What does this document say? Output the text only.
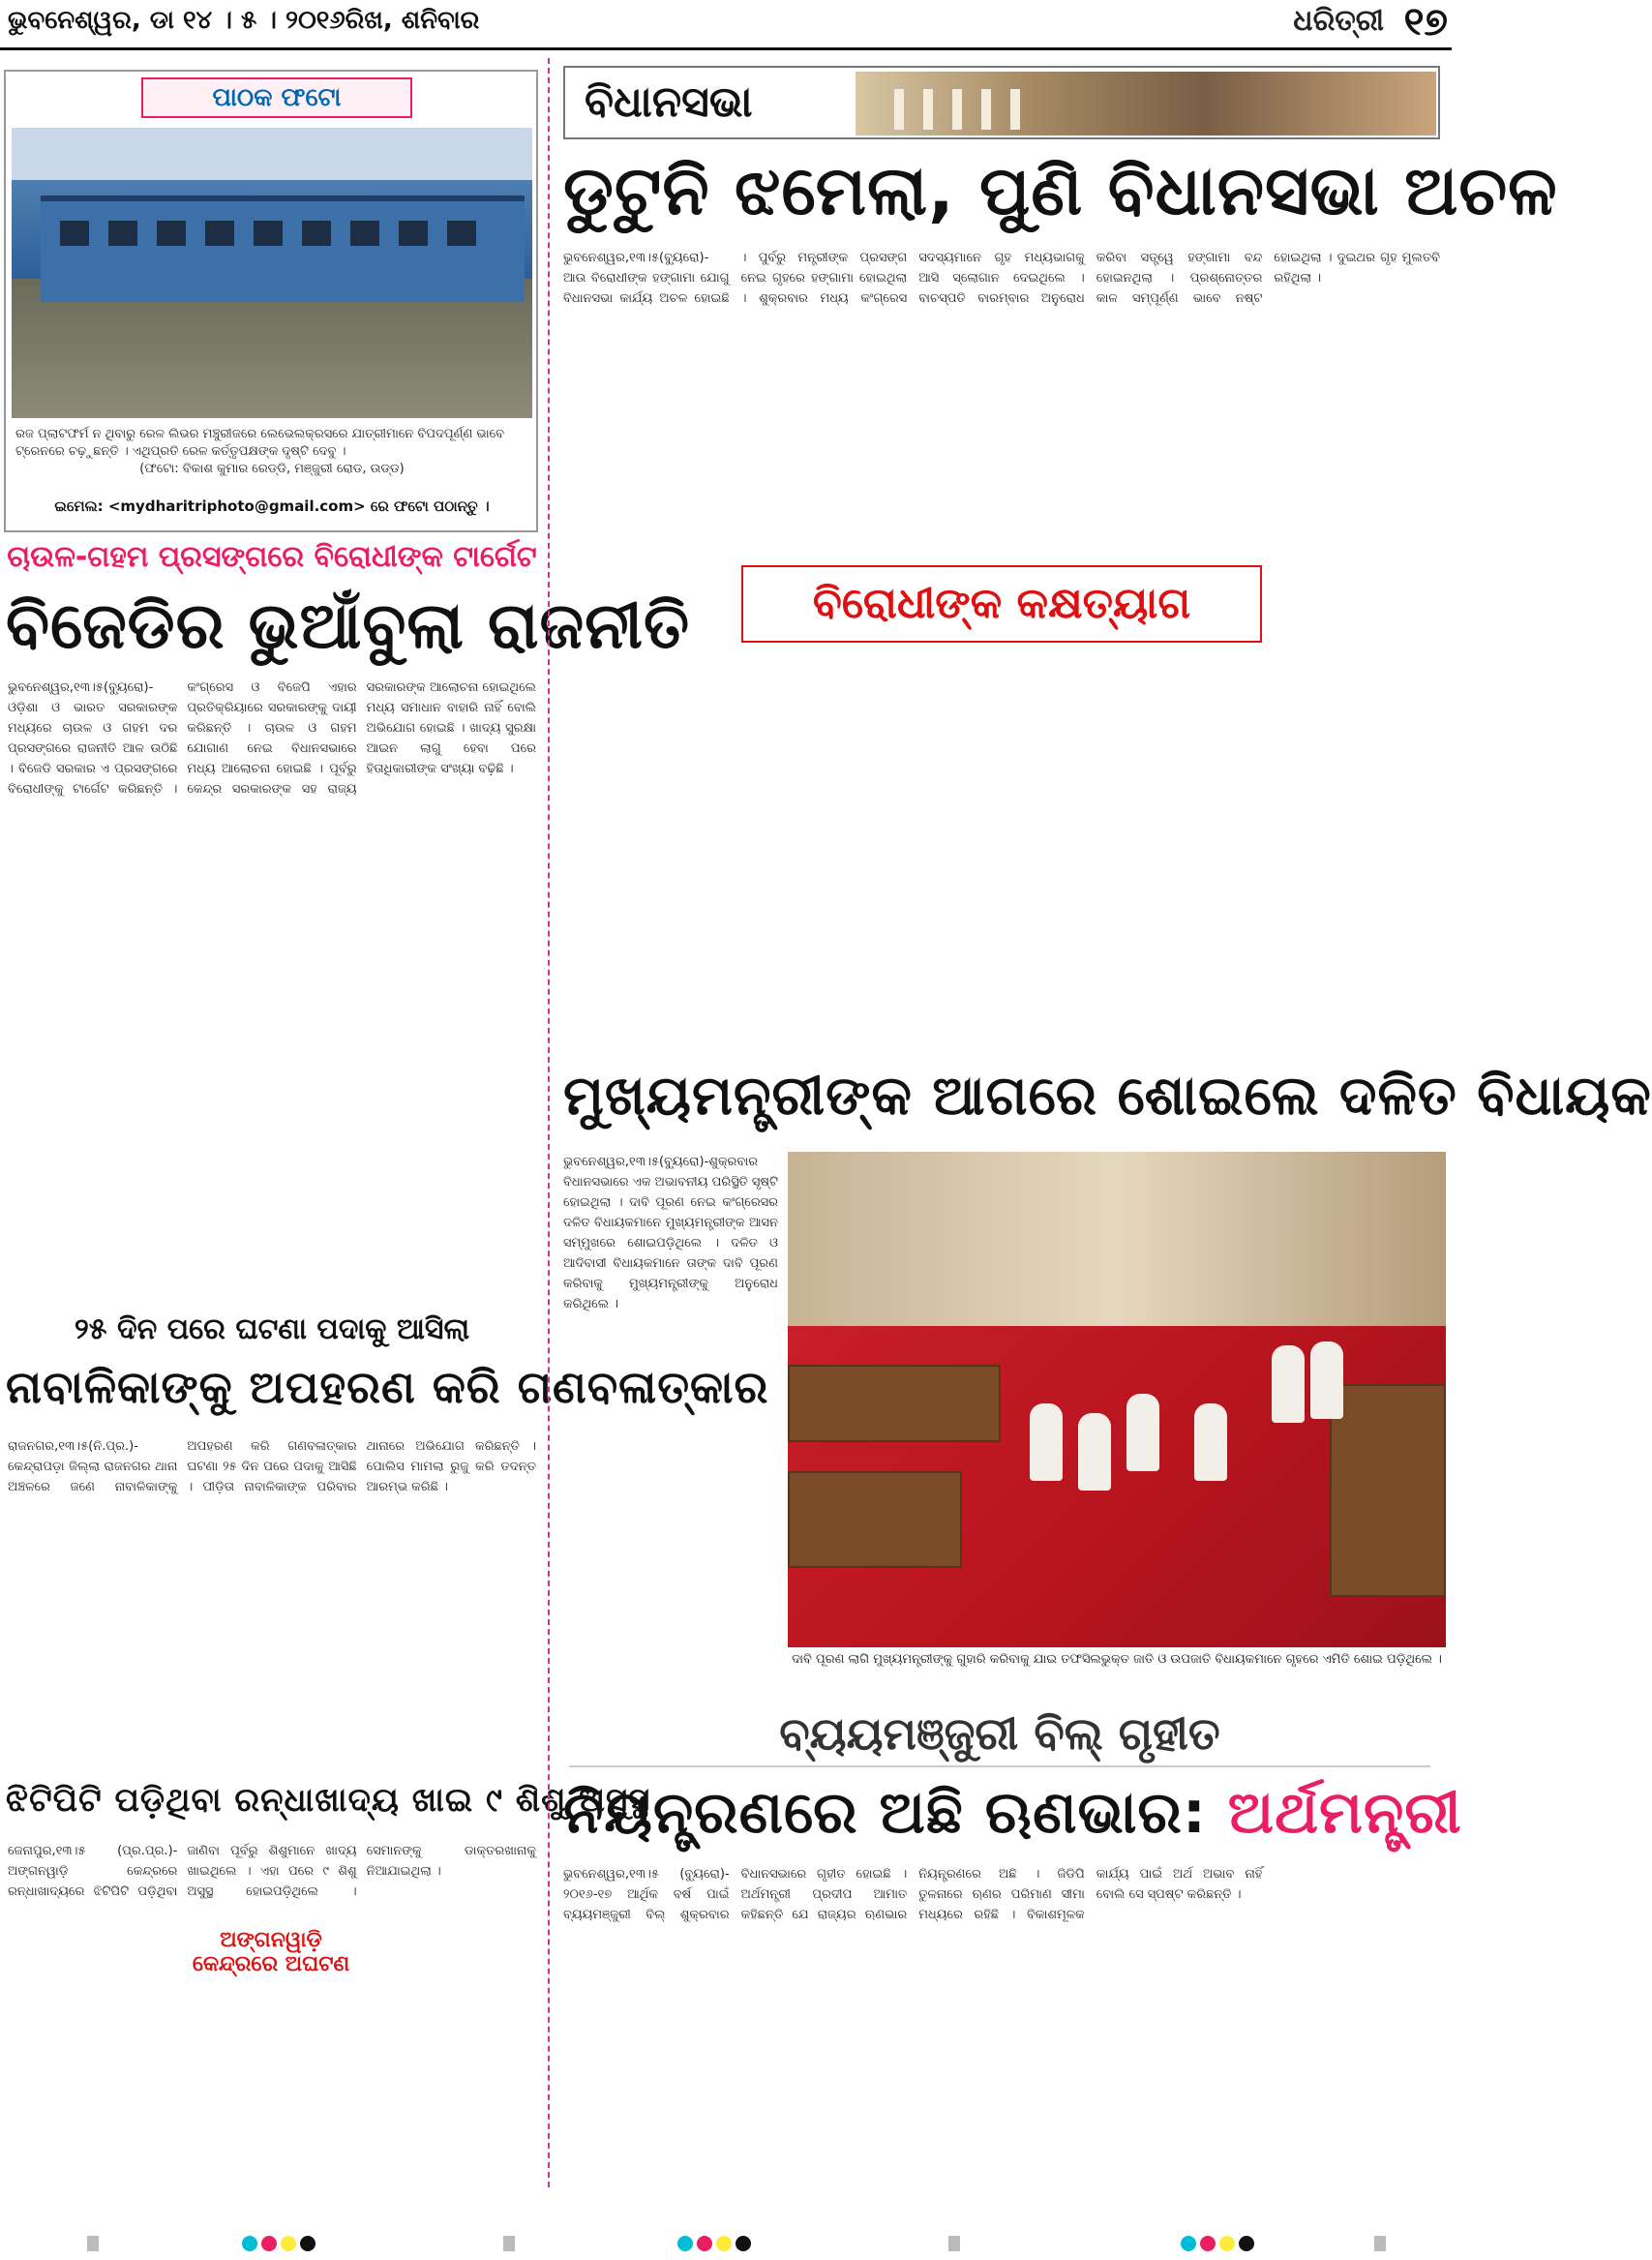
ଭୁବନେଶ୍ୱର, ଡା ୧୪ । ୫ । ୨୦୧୬ରିଖ, ଶନିବାର	ଧରିତ୍ରୀ ୧୭
ପାଠକ ଫଟୋ
ରଜ ପ୍ଲାଟଫର୍ମ ନ ଥିବାରୁ ରେଳ ଲିଭର ମଞ୍ଚୁରୀଜରେ ଲେଭେଲକ୍ରସରେ ଯାତ୍ରୀମାନେ ବିପଦପୂର୍ଣ୍ଣ ଭାବେ ଟ୍ରେନରେ ଚଢ଼ୁଛନ୍ତି । ଏଥିପ୍ରତି ରେଳ କର୍ତ୍ତୃପକ୍ଷଙ୍କ ଦୃଷ୍ଟି ଦେବୁ ।
(ଫଟୋ: ବିକାଶ କୁମାର ରେଡ୍ଡି, ମଞ୍ଜୁରୀ ରୋଡ, ଉଡ୍ଡ)
ଇମେଲ: <mydharitriphoto@gmail.com> ରେ ଫଟୋ ପଠାନ୍ତୁ ।
ଚାଉଳ-ଗହମ ପ୍ରସଙ୍ଗରେ ବିରୋଧୀଙ୍କ ଟାର୍ଗେଟ
ବିଜେଡିର ଭୁଆଁବୁଲା ରାଜନୀତି
ଭୁବନେଶ୍ୱର,୧୩।୫(ବ୍ୟୁରୋ)- ଓଡ଼ିଶା ଓ ଭାରତ ସରକାରଙ୍କ ମଧ୍ୟରେ ଚାଉଳ ଓ ଗହମ ଦର ପ୍ରସଙ୍ଗରେ ରାଜନୀତି ଆଳ ଉଠିଛି । ବିଜେଡି ସରକାର ଏ ପ୍ରସଙ୍ଗରେ ବିରୋଧୀଙ୍କୁ ଟାର୍ଗେଟ କରିଛନ୍ତି । କଂଗ୍ରେସ ଓ ବିଜେପି ଏହାର ପ୍ରତିକ୍ରିୟାରେ ସରକାରଙ୍କୁ ଦାୟୀ କରିଛନ୍ତି । ଚାଉଳ ଓ ଗହମ ଯୋଗାଣ ନେଇ ବିଧାନସଭାରେ ମଧ୍ୟ ଆଲୋଚନା ହୋଇଛି । ପୂର୍ବରୁ କେନ୍ଦ୍ର ସରକାରଙ୍କ ସହ ରାଜ୍ୟ ସରକାରଙ୍କ ଆଲୋଚନା ହୋଇଥିଲେ ମଧ୍ୟ ସମାଧାନ ବାହାରି ନାହିଁ ବୋଲି ଅଭିଯୋଗ ହୋଇଛି । ଖାଦ୍ୟ ସୁରକ୍ଷା ଆଇନ ଲାଗୁ ହେବା ପରେ ହିତାଧିକାରୀଙ୍କ ସଂଖ୍ୟା ବଢ଼ିଛି ।
୨୫ ଦିନ ପରେ ଘଟଣା ପଦାକୁ ଆସିଲା
ନାବାଳିକାଙ୍କୁ ଅପହରଣ କରି ଗଣବଳାତ୍କାର
ରାଜନଗର,୧୩।୫(ନି.ପ୍ର.)- କେନ୍ଦ୍ରାପଡ଼ା ଜିଲ୍ଲା ରାଜନଗର ଥାନା ଅଞ୍ଚଳରେ ଜଣେ ନାବାଳିକାଙ୍କୁ ଅପହରଣ କରି ଗଣବଳାତ୍କାର ଘଟଣା ୨୫ ଦିନ ପରେ ପଦାକୁ ଆସିଛି । ପୀଡ଼ିତା ନାବାଳିକାଙ୍କ ପରିବାର ଥାନାରେ ଅଭିଯୋଗ କରିଛନ୍ତି । ପୋଲିସ ମାମଲା ରୁଜୁ କରି ତଦନ୍ତ ଆରମ୍ଭ କରିଛି ।
ଝିଟିପିଟି ପଡ଼ିଥିବା ରନ୍ଧାଖାଦ୍ୟ ଖାଇ ୯ ଶିଶୁ ଅସୁସ୍ଥ
ଜେନାପୁର,୧୩।୫ (ପ୍ର.ପ୍ର.)- ଅଙ୍ଗନୱାଡ଼ି କେନ୍ଦ୍ରରେ ରନ୍ଧାଖାଦ୍ୟରେ ଝିଟିପିଟି ପଡ଼ିଥିବା ଜାଣିବା ପୂର୍ବରୁ ଶିଶୁମାନେ ଖାଦ୍ୟ ଖାଇଥିଲେ । ଏହା ପରେ ୯ ଶିଶୁ ଅସୁସ୍ଥ ହୋଇପଡ଼ିଥିଲେ । ସେମାନଙ୍କୁ ଡାକ୍ତରଖାନାକୁ ନିଆଯାଇଥିଲା ।
ଅଙ୍ଗନୱାଡ଼ି
କେନ୍ଦ୍ରରେ ଅଘଟଣ
ବିଧାନସଭା
ଡୁଟୁନି ଝମେଲା, ପୁଣି ବିଧାନସଭା ଅଚଳ
ଭୁବନେଶ୍ୱର,୧୩।୫(ବ୍ୟୁରୋ)- ଆଉ ବିରୋଧୀଙ୍କ ହଙ୍ଗାମା ଯୋଗୁ ବିଧାନସଭା କାର୍ଯ୍ୟ ଅଚଳ ହୋଇଛି । ପୁର୍ବରୁ ମନ୍ତ୍ରୀଙ୍କ ପ୍ରସଙ୍ଗ ନେଇ ଗୃହରେ ହଙ୍ଗାମା ହୋଇଥିଲା । ଶୁକ୍ରବାର ମଧ୍ୟ କଂଗ୍ରେସ ସଦସ୍ୟମାନେ ଗୃହ ମଧ୍ୟଭାଗକୁ ଆସି ସ୍ଲୋଗାନ ଦେଇଥିଲେ । ବାଚସ୍ପତି ବାରମ୍ବାର ଅନୁରୋଧ କରିବା ସତ୍ତ୍ୱେ ହଙ୍ଗାମା ବନ୍ଦ ହୋଇନଥିଲା । ପ୍ରଶ୍ନୋତ୍ତର କାଳ ସମ୍ପୂର୍ଣ୍ଣ ଭାବେ ନଷ୍ଟ ହୋଇଥିଲା । ଦୁଇଥର ଗୃହ ମୁଲତବି ରହିଥିଲା ।
ବିରୋଧୀଙ୍କ କକ୍ଷତ୍ୟାଗ
ମୁଖ୍ୟମନ୍ତ୍ରୀଙ୍କ ଆଗରେ ଶୋଇଲେ ଦଳିତ ବିଧାୟକ
ଭୁବନେଶ୍ୱର,୧୩।୫(ବ୍ୟୁରୋ)-ଶୁକ୍ରବାର ବିଧାନସଭାରେ ଏକ ଅଭାବନୀୟ ପରିସ୍ଥିତି ସୃଷ୍ଟି ହୋଇଥିଲା । ଦାବି ପୂରଣ ନେଇ କଂଗ୍ରେସର ଦଳିତ ବିଧାୟକମାନେ ମୁଖ୍ୟମନ୍ତ୍ରୀଙ୍କ ଆସନ ସମ୍ମୁଖରେ ଶୋଇପଡ଼ିଥିଲେ । ଦଳିତ ଓ ଆଦିବାସୀ ବିଧାୟକମାନେ ତାଙ୍କ ଦାବି ପୂରଣ କରିବାକୁ ମୁଖ୍ୟମନ୍ତ୍ରୀଙ୍କୁ ଅନୁରୋଧ କରିଥିଲେ ।
ଦାବି ପୂରଣ ଲାଗି ମୁଖ୍ୟମନ୍ତ୍ରୀଙ୍କୁ ଗୁହାରି କରିବାକୁ ଯାଇ ତଫସିଲଭୁକ୍ତ ଜାତି ଓ ଉପଜାତି ବିଧାୟକମାନେ ଗୃହରେ ଏମିତି ଶୋଇ ପଡ଼ିଥିଲେ ।
ବ୍ୟୟମଞ୍ଜୁରୀ ବିଲ୍ ଗୃହୀତ
ନିୟନ୍ତ୍ରଣରେ ଅଛି ଋଣଭାର: ଅର୍ଥମନ୍ତ୍ରୀ
ଭୁବନେଶ୍ୱର,୧୩।୫ (ବ୍ୟୁରୋ)- ୨୦୧୬-୧୭ ଆର୍ଥିକ ବର୍ଷ ପାଇଁ ବ୍ୟୟମଞ୍ଜୁରୀ ବିଲ୍ ଶୁକ୍ରବାର ବିଧାନସଭାରେ ଗୃହୀତ ହୋଇଛି । ଅର୍ଥମନ୍ତ୍ରୀ ପ୍ରଦୀପ ଆମାତ କହିଛନ୍ତି ଯେ ରାଜ୍ୟର ଋଣଭାର ନିୟନ୍ତ୍ରଣରେ ଅଛି । ଜିଡିପି ତୁଳନାରେ ଋଣର ପରିମାଣ ସୀମା ମଧ୍ୟରେ ରହିଛି । ବିକାଶମୂଳକ କାର୍ଯ୍ୟ ପାଇଁ ଅର୍ଥ ଅଭାବ ନାହିଁ ବୋଲି ସେ ସ୍ପଷ୍ଟ କରିଛନ୍ତି ।
